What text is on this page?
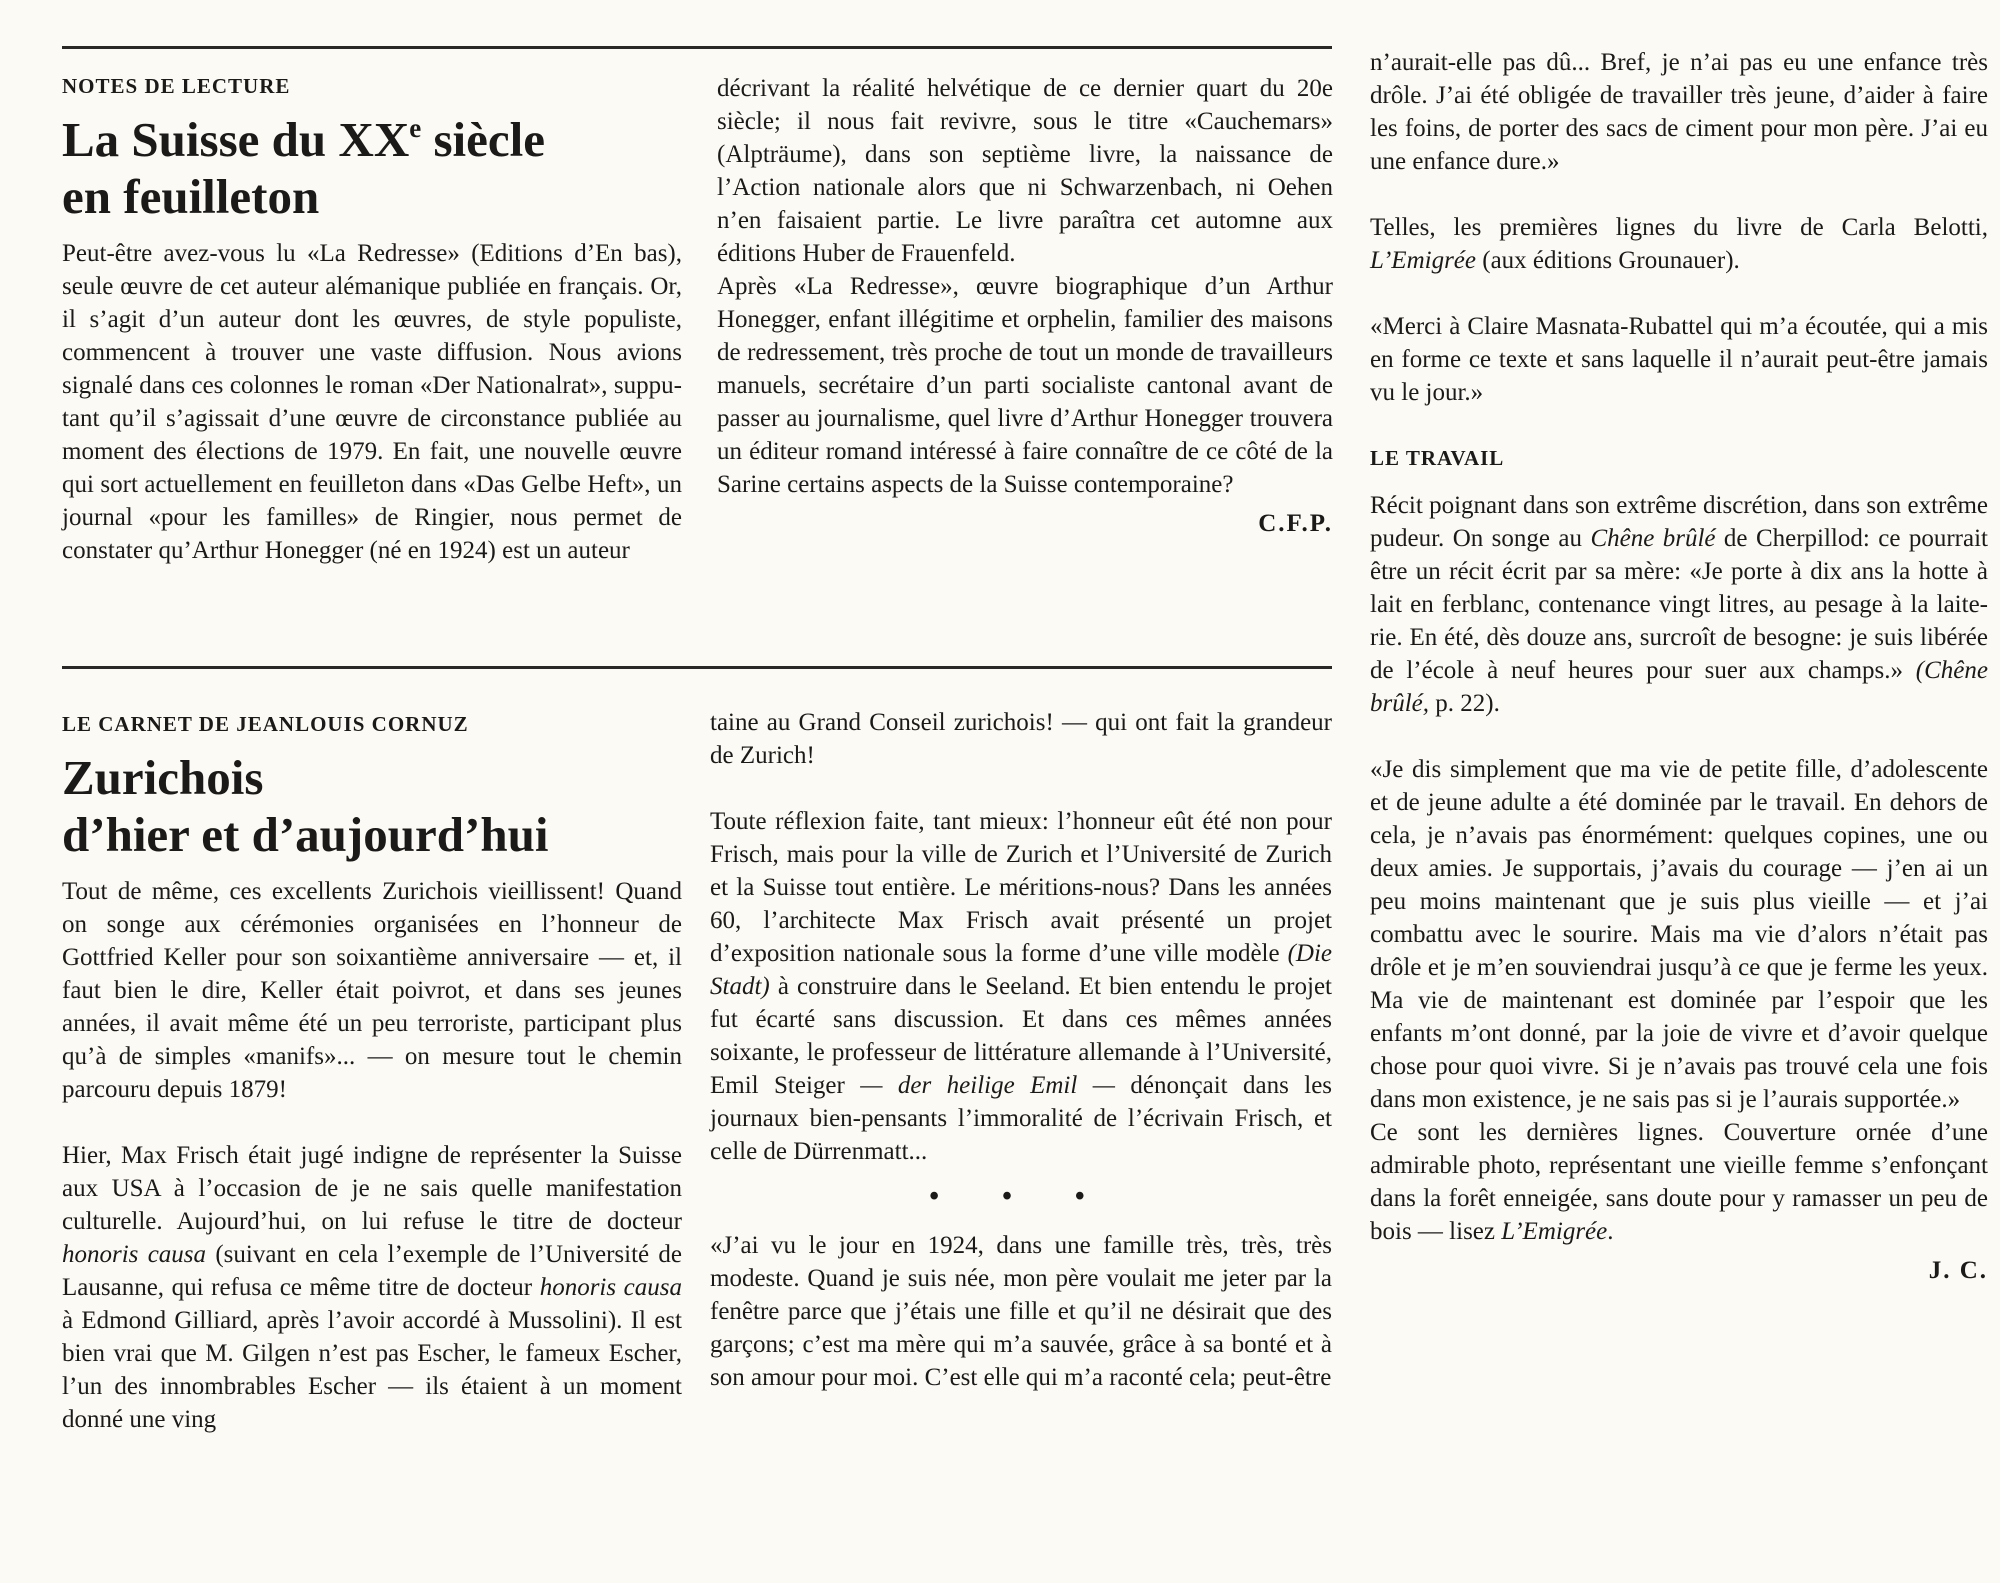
NOTES DE LECTURE
La Suisse du XXe siècle
en feuilleton

Peut-être avez-vous lu «La Redresse» (Editions d’En bas), seule œuvre de cet auteur alémanique publiée en français. Or, il s’agit d’un auteur dont les œuvres, de style populiste, commencent à trouver une vaste diffusion. Nous avions signalé dans ces colonnes le roman «Der Nationalrat», supputant qu’il s’agissait d’une œuvre de circonstance publiée au moment des élections de 1979. En fait, une nouvelle œuvre qui sort actuellement en feuilleton dans «Das Gelbe Heft», un journal «pour les familles» de Ringier, nous permet de constater qu’Arthur Honegger (né en 1924) est un auteur

décrivant la réalité helvétique de ce dernier quart du 20e siècle; il nous fait revivre, sous le titre «Cauchemars» (Alpträume), dans son septième livre, la naissance de l’Action nationale alors que ni Schwarzenbach, ni Oehen n’en faisaient partie. Le livre paraîtra cet automne aux éditions Huber de Frauenfeld.

Après «La Redresse», œuvre biographique d’un Arthur Honegger, enfant illégitime et orphelin, familier des maisons de redressement, très proche de tout un monde de travailleurs manuels, secrétaire d’un parti socialiste cantonal avant de passer au journalisme, quel livre d’Arthur Honegger trouvera un éditeur romand intéressé à faire connaître de ce côté de la Sarine certains aspects de la Suisse contemporaine?

C.F.P.
LE CARNET DE JEANLOUIS CORNUZ
Zurichois
d’hier et d’aujourd’hui

Tout de même, ces excellents Zurichois vieillissent! Quand on songe aux cérémonies organisées en l’honneur de Gottfried Keller pour son soixantième anniversaire — et, il faut bien le dire, Keller était poivrot, et dans ses jeunes années, il avait même été un peu terroriste, participant plus qu’à de simples «manifs»... — on mesure tout le chemin parcouru depuis 1879!

Hier, Max Frisch était jugé indigne de représenter la Suisse aux USA à l’occasion de je ne sais quelle manifestation culturelle. Aujourd’hui, on lui refuse le titre de docteur honoris causa (suivant en cela l’exemple de l’Université de Lausanne, qui refusa ce même titre de docteur honoris causa à Edmond Gilliard, après l’avoir accordé à Mussolini). Il est bien vrai que M. Gilgen n’est pas Escher, le fameux Escher, l’un des innombrables Escher — ils étaient à un moment donné une ving

taine au Grand Conseil zurichois! — qui ont fait la grandeur de Zurich!

Toute réflexion faite, tant mieux: l’honneur eût été non pour Frisch, mais pour la ville de Zurich et l’Université de Zurich et la Suisse tout entière. Le méritions-nous? Dans les années 60, l’architecte Max Frisch avait présenté un projet d’exposition nationale sous la forme d’une ville modèle (Die Stadt) à construire dans le Seeland. Et bien entendu le projet fut écarté sans discussion. Et dans ces mêmes années soixante, le professeur de littérature allemande à l’Université, Emil Steiger — der heilige Emil — dénonçait dans les journaux bien-pensants l’immoralité de l’écrivain Frisch, et celle de Dürrenmatt...

• • •

«J’ai vu le jour en 1924, dans une famille très, très, très modeste. Quand je suis née, mon père voulait me jeter par la fenêtre parce que j’étais une fille et qu’il ne désirait que des garçons; c’est ma mère qui m’a sauvée, grâce à sa bonté et à son amour pour moi. C’est elle qui m’a raconté cela; peut-être

n’aurait-elle pas dû... Bref, je n’ai pas eu une enfance très drôle. J’ai été obligée de travailler très jeune, d’aider à faire les foins, de porter des sacs de ciment pour mon père. J’ai eu une enfance dure.»

Telles, les premières lignes du livre de Carla Belotti, L’Emigrée (aux éditions Grounauer).

«Merci à Claire Masnata-Rubattel qui m’a écoutée, qui a mis en forme ce texte et sans laquelle il n’aurait peut-être jamais vu le jour.»

LE TRAVAIL

Récit poignant dans son extrême discrétion, dans son extrême pudeur. On songe au Chêne brûlé de Cherpillod: ce pourrait être un récit écrit par sa mère: «Je porte à dix ans la hotte à lait en ferblanc, contenance vingt litres, au pesage à la laiterie. En été, dès douze ans, surcroît de besogne: je suis libérée de l’école à neuf heures pour suer aux champs.» (Chêne brûlé, p. 22).

«Je dis simplement que ma vie de petite fille, d’adolescente et de jeune adulte a été dominée par le travail. En dehors de cela, je n’avais pas énormément: quelques copines, une ou deux amies. Je supportais, j’avais du courage — j’en ai un peu moins maintenant que je suis plus vieille — et j’ai combattu avec le sourire. Mais ma vie d’alors n’était pas drôle et je m’en souviendrai jusqu’à ce que je ferme les yeux. Ma vie de maintenant est dominée par l’espoir que les enfants m’ont donné, par la joie de vivre et d’avoir quelque chose pour quoi vivre. Si je n’avais pas trouvé cela une fois dans mon existence, je ne sais pas si je l’aurais supportée.»

Ce sont les dernières lignes. Couverture ornée d’une admirable photo, représentant une vieille femme s’enfonçant dans la forêt enneigée, sans doute pour y ramasser un peu de bois — lisez L’Emigrée.

J. C.
